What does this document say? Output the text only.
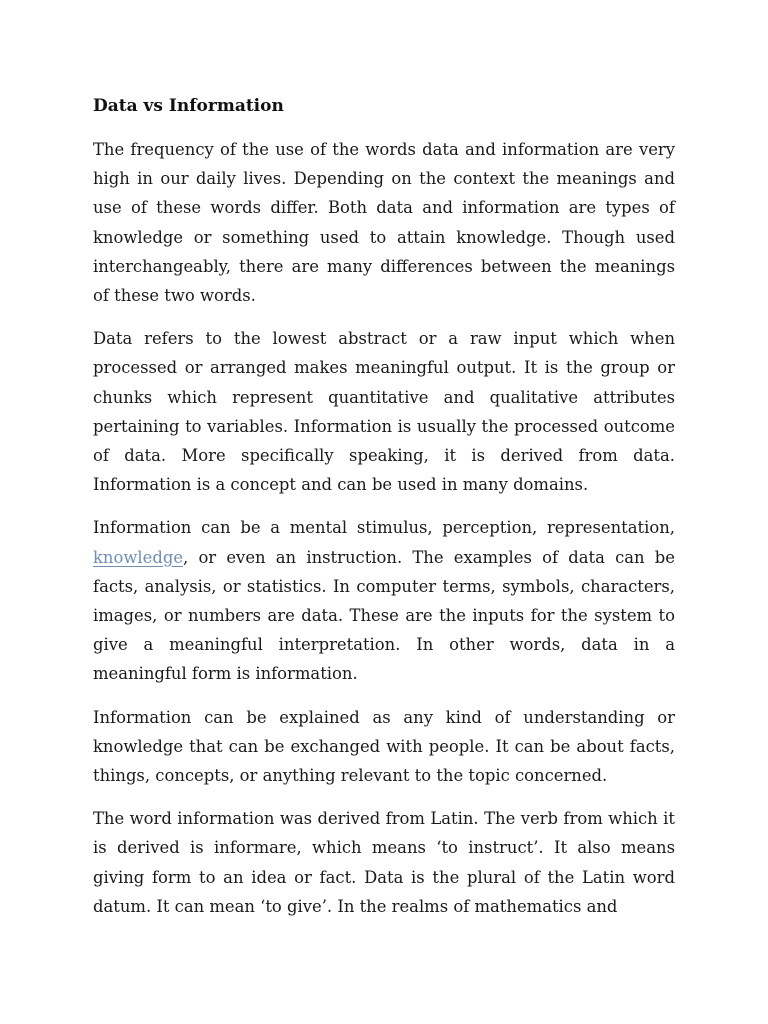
Data vs Information

The frequency of the use of the words data and information are very high in our daily lives. Depending on the context the meanings and use of these words differ. Both data and information are types of knowledge or something used to attain knowledge. Though used interchangeably, there are many differences between the meanings of these two words.

Data refers to the lowest abstract or a raw input which when processed or arranged makes meaningful output. It is the group or chunks which represent quantitative and qualitative attributes pertaining to variables. Information is usually the processed outcome of data. More specifically speaking, it is derived from data. Information is a concept and can be used in many domains.

Information can be a mental stimulus, perception, representation, knowledge, or even an instruction. The examples of data can be facts, analysis, or statistics. In computer terms, symbols, characters, images, or numbers are data. These are the inputs for the system to give a meaningful interpretation. In other words, data in a meaningful form is information.

Information can be explained as any kind of understanding or knowledge that can be exchanged with people. It can be about facts, things, concepts, or anything relevant to the topic concerned.

The word information was derived from Latin. The verb from which it is derived is informare, which means ‘to instruct’. It also means giving form to an idea or fact. Data is the plural of the Latin word datum. It can mean ‘to give’. In the realms of mathematics and
